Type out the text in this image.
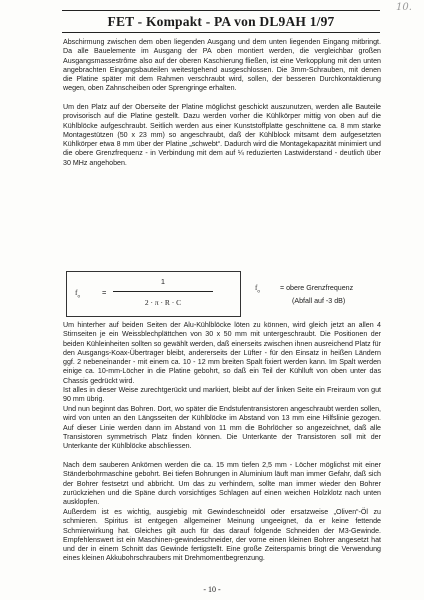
10.
FET - Kompakt - PA von DL9AH 1/97

Abschirmung zwischen dem oben liegenden Ausgang und dem unten liegenden Eingang mitbringt. Da alle Bauelemente im Ausgang der PA oben montiert werden, die vergleichbar großen Ausgangsmassestrôme also auf der oberen Kaschierung fließen, ist eine Verkopplung mit den unten angebrachten Eingangsbauteilen weitestgehend ausgeschlossen. Die 3mm-Schrauben, mit denen die Platine später mit dem Rahmen verschraubt wird, sollen, der besseren Durchkontaktierung wegen, oben Zahnscheiben oder Sprengringe erhalten.

Um den Platz auf der Oberseite der Platine möglichst geschickt auszunutzen, werden alle Bauteile provisorisch auf die Platine gestellt. Dazu werden vorher die Kühlkörper mittig von oben auf die Kühlblöcke aufgeschraubt. Seitlich werden aus einer Kunststoffplatte geschnittene ca. 8 mm starke Montagestützen (50 x 23 mm) so angeschraubt, daß der Kühlblock mitsamt dem aufgesetzten Kühlkörper etwa 8 mm über der Platine „schwebt“. Dadurch wird die Montagekapazität minimiert und die obere Grenzfrequenz - in Verbindung mit dem auf ¼ reduzierten Lastwiderstand - deutlich über 30 MHz angehoben.

$f_o$	=
1
2 · π · R · C
$f_o$	= obere Grenzfrequenz
(Abfall auf -3 dB)

Um hinterher auf beiden Seiten der Alu-Kühlblöcke löten zu können, wird gleich jetzt an allen 4 Stirnseiten je ein Weissblechplättchen von 30 x 50 mm mit untergeschraubt. Die Positionen der beiden Kühleinheiten sollten so gewählt werden, daß einerseits zwischen ihnen ausreichend Platz für den Ausgangs-Koax-Übertrager bleibt, andererseits der Lüfter - für den Einsatz in heißen Ländern ggf. 2 nebeneinander - mit einem ca. 10 - 12 mm breiten Spalt fixiert werden kann. Im Spalt werden einige ca. 10-mm-Löcher in die Platine gebohrt, so daß ein Teil der Kühlluft von oben unter das Chassis gedrückt wird.

Ist alles in dieser Weise zurechtgerückt und markiert, bleibt auf der linken Seite ein Freiraum von gut 90 mm übrig.

Und nun beginnt das Bohren. Dort, wo später die Endstufentransistoren angeschraubt werden sollen, wird von unten an den Längsseiten der Kühlblöcke im Abstand von 13 mm eine Hilfslinie gezogen. Auf dieser Linie werden dann im Abstand von 11 mm die Bohrlöcher so angezeichnet, daß alle Transistoren symmetrisch Platz finden können. Die Unterkante der Transistoren soll mit der Unterkante der Kühlblöcke abschliessen.

Nach dem sauberen Ankörnen werden die ca. 15 mm tiefen 2,5 mm - Löcher möglichst mit einer Ständerbohrmaschine gebohrt. Bei tiefen Bohrungen in Aluminium läuft man immer Gefahr, daß sich der Bohrer festsetzt und abbricht. Um das zu verhindern, sollte man immer wieder den Bohrer zurückziehen und die Späne durch vorsichtiges Schlagen auf einen weichen Holzklotz nach unten ausklopfen.

Außerdem ist es wichtig, ausgiebig mit Gewindeschneidöl oder ersatzweise „Oliven“-Öl zu schmieren. Spiritus ist entgegen allgemeiner Meinung ungeeignet, da er keine fettende Schmierwirkung hat. Gleiches gilt auch für das darauf folgende Schneiden der M3-Gewinde. Empfehlenswert ist ein Maschinen-gewindeschneider, der vorne einen kleinen Bohrer angesetzt hat und der in einem Schnitt das Gewinde fertigstellt. Eine große Zeitersparnis bringt die Verwendung eines kleinen Akkubohrschraubers mit Drehmomentbegrenzung.

- 10 -
